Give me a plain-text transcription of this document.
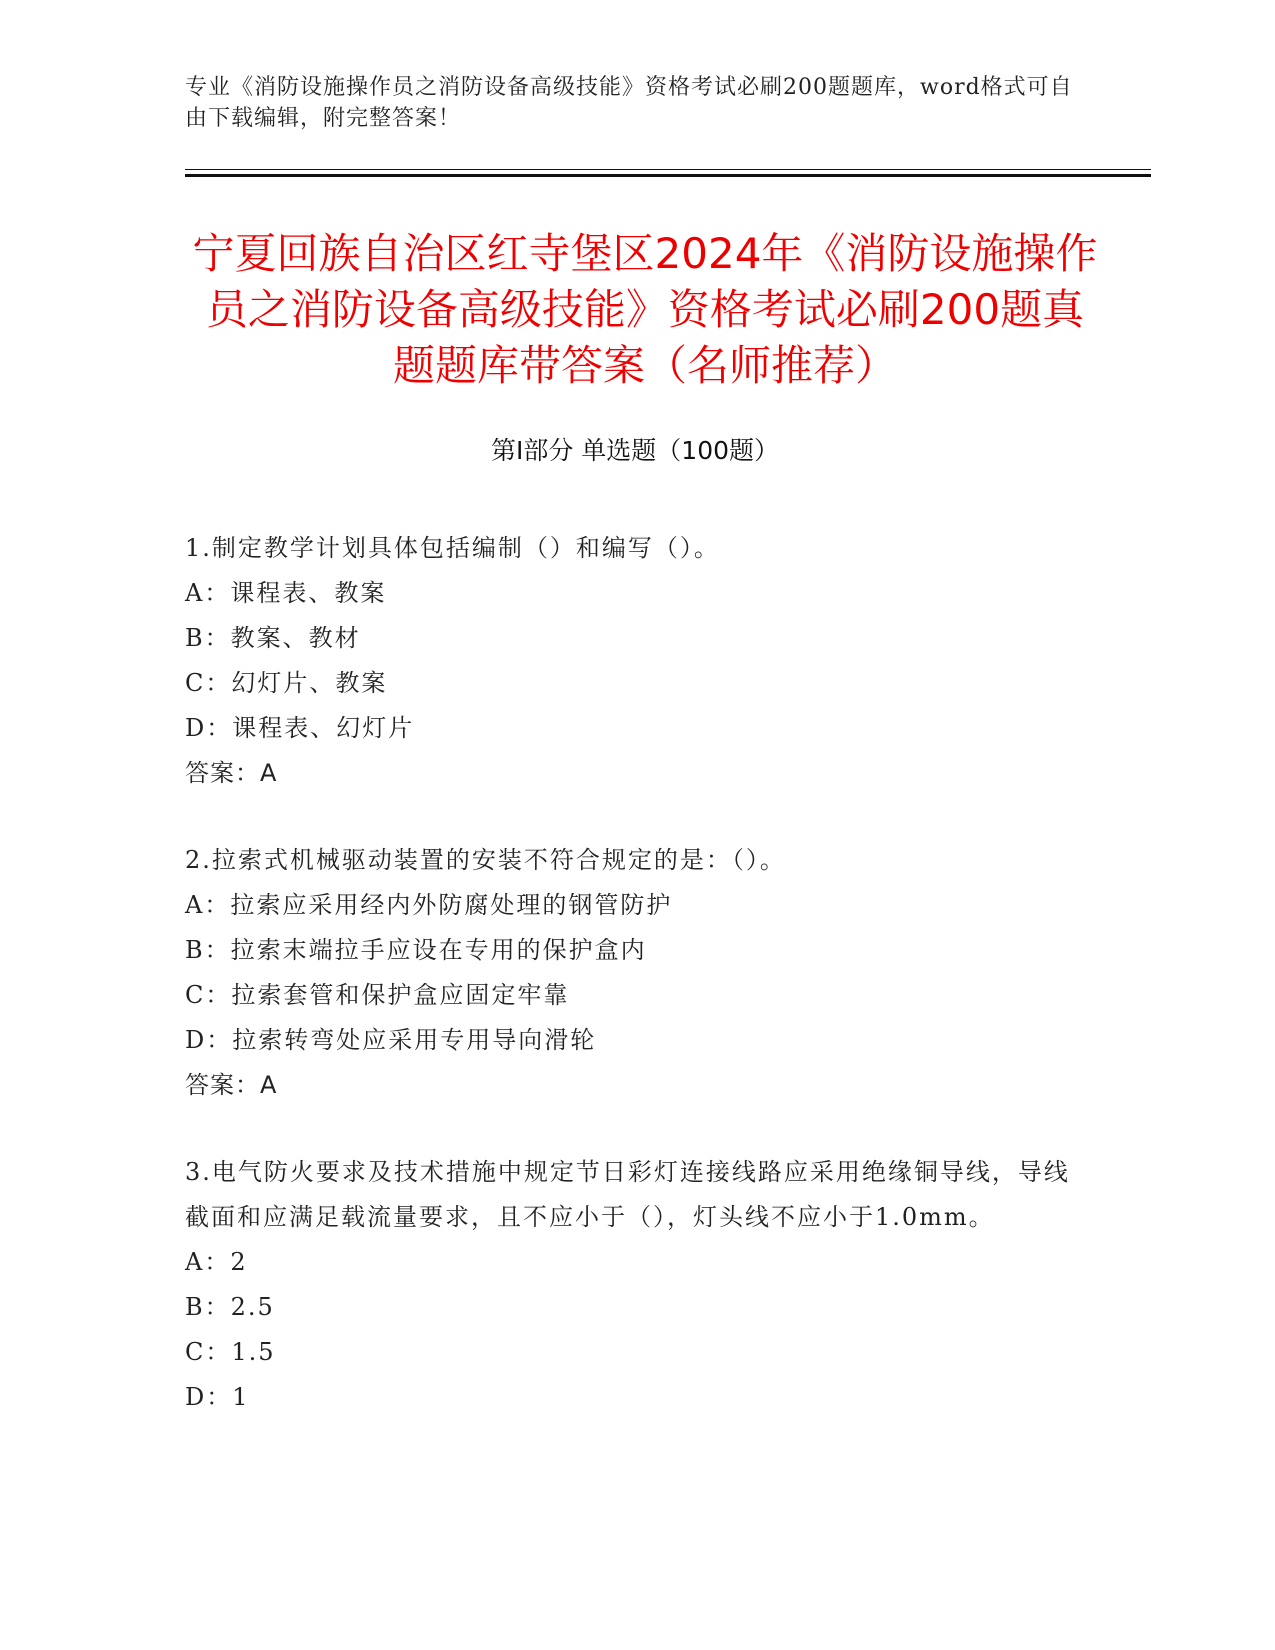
专业《消防设施操作员之消防设备高级技能》资格考试必刷200题题库，word格式可自由下载编辑，附完整答案！
宁夏回族自治区红寺堡区2024年《消防设施操作员之消防设备高级技能》资格考试必刷200题真题题库带答案（名师推荐）
第Ⅰ部分 单选题（100题）
1.制定教学计划具体包括编制（）和编写（）。
A：课程表、教案
B：教案、教材
C：幻灯片、教案
D：课程表、幻灯片
答案：A
2.拉索式机械驱动装置的安装不符合规定的是：（）。
A：拉索应采用经内外防腐处理的钢管防护
B：拉索末端拉手应设在专用的保护盒内
C：拉索套管和保护盒应固定牢靠
D：拉索转弯处应采用专用导向滑轮
答案：A
3.电气防火要求及技术措施中规定节日彩灯连接线路应采用绝缘铜导线，导线截面和应满足载流量要求，且不应小于（），灯头线不应小于1.0mm。
A：2
B：2.5
C：1.5
D：1
